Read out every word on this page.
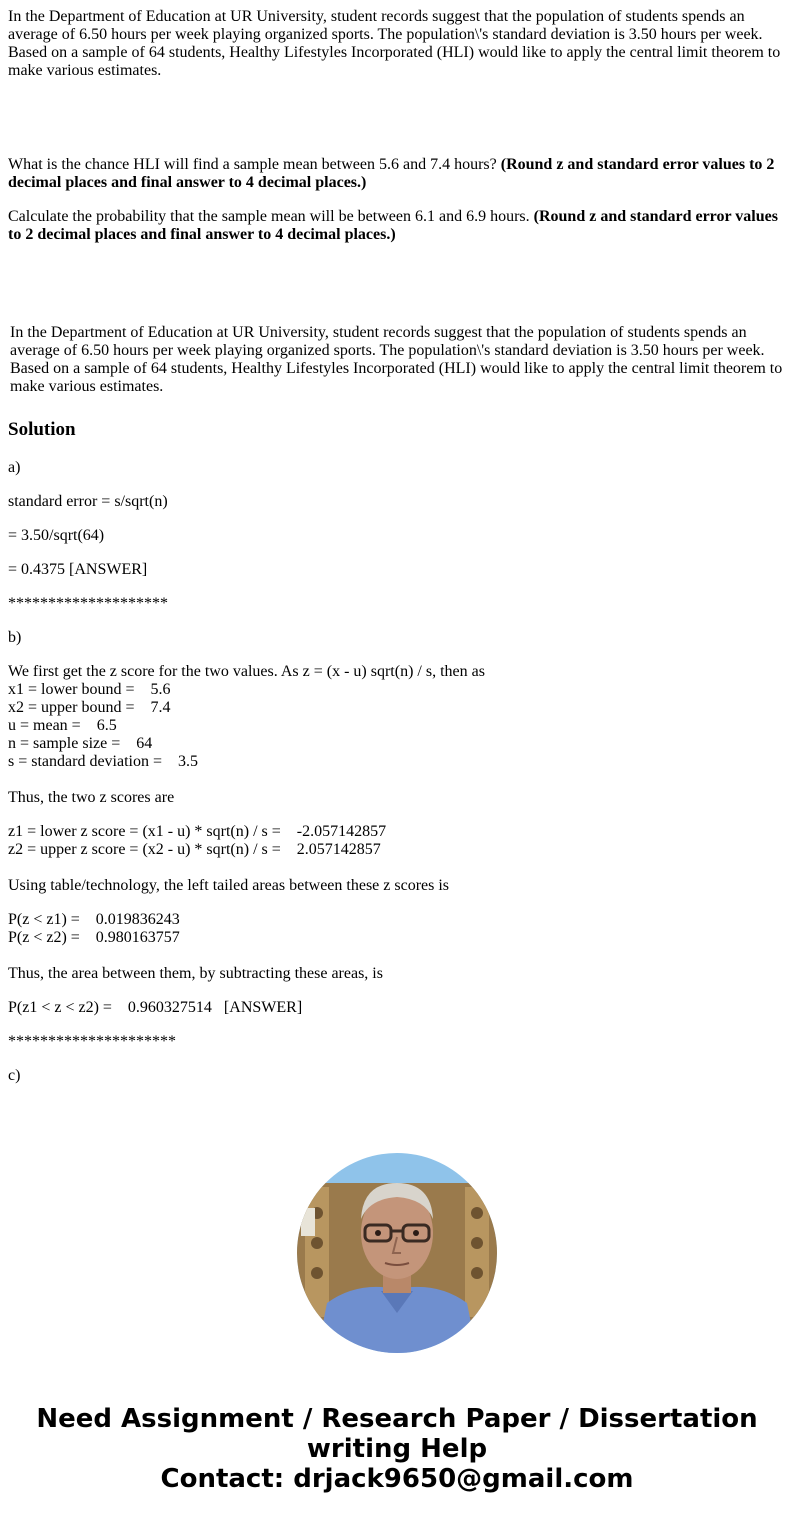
In the Department of Education at UR University, student records suggest that the population of students spends an average of 6.50 hours per week playing organized sports. The population\'s standard deviation is 3.50 hours per week. Based on a sample of 64 students, Healthy Lifestyles Incorporated (HLI) would like to apply the central limit theorem to make various estimates.

What is the chance HLI will find a sample mean between 5.6 and 7.4 hours? (Round z and standard error values to 2 decimal places and final answer to 4 decimal places.)

Calculate the probability that the sample mean will be between 6.1 and 6.9 hours. (Round z and standard error values to 2 decimal places and final answer to 4 decimal places.)

In the Department of Education at UR University, student records suggest that the population of students spends an average of 6.50 hours per week playing organized sports. The population\'s standard deviation is 3.50 hours per week. Based on a sample of 64 students, Healthy Lifestyles Incorporated (HLI) would like to apply the central limit theorem to make various estimates.

Solution

a)

standard error = s/sqrt(n)

= 3.50/sqrt(64)

= 0.4375 [ANSWER]

********************

b)

We first get the z score for the two values. As z = (x - u) sqrt(n) / s, then as
x1 = lower bound =    5.6
x2 = upper bound =    7.4
u = mean =    6.5
n = sample size =    64
s = standard deviation =    3.5

Thus, the two z scores are

z1 = lower z score = (x1 - u) * sqrt(n) / s =    -2.057142857
z2 = upper z score = (x2 - u) * sqrt(n) / s =    2.057142857

Using table/technology, the left tailed areas between these z scores is

P(z < z1) =    0.019836243
P(z < z2) =    0.980163757

Thus, the area between them, by subtracting these areas, is

P(z1 < z < z2) =    0.960327514   [ANSWER]

*********************

c)

Need Assignment / Research Paper / Dissertation
writing Help
Contact: drjack9650@gmail.com
